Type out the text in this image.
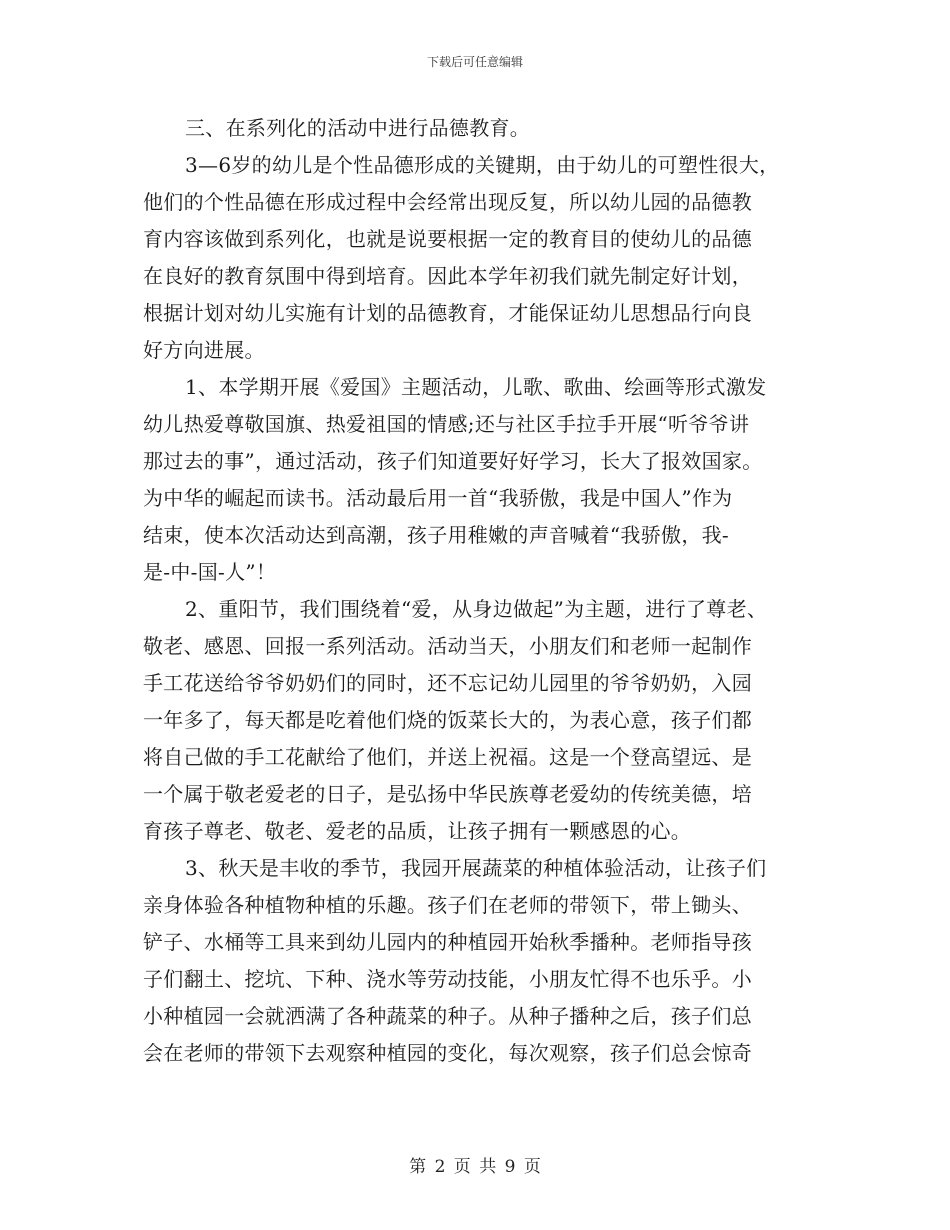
下载后可任意编辑
三、在系列化的活动中进行品德教育。
3—6岁的幼儿是个性品德形成的关键期，由于幼儿的可塑性很大，
他们的个性品德在形成过程中会经常出现反复，所以幼儿园的品德教
育内容该做到系列化，也就是说要根据一定的教育目的使幼儿的品德
在良好的教育氛围中得到培育。因此本学年初我们就先制定好计划，
根据计划对幼儿实施有计划的品德教育，才能保证幼儿思想品行向良
好方向进展。
1、本学期开展《爱国》主题活动，儿歌、歌曲、绘画等形式激发
幼儿热爱尊敬国旗、热爱祖国的情感;还与社区手拉手开展“听爷爷讲
那过去的事”，通过活动，孩子们知道要好好学习，长大了报效国家。
为中华的崛起而读书。活动最后用一首“我骄傲，我是中国人”作为
结束，使本次活动达到高潮，孩子用稚嫩的声音喊着“我骄傲，我-
是-中-国-人”！
2、重阳节，我们围绕着“爱，从身边做起”为主题，进行了尊老、
敬老、感恩、回报一系列活动。活动当天，小朋友们和老师一起制作
手工花送给爷爷奶奶们的同时，还不忘记幼儿园里的爷爷奶奶，入园
一年多了，每天都是吃着他们烧的饭菜长大的，为表心意，孩子们都
将自己做的手工花献给了他们，并送上祝福。这是一个登高望远、是
一个属于敬老爱老的日子，是弘扬中华民族尊老爱幼的传统美德，培
育孩子尊老、敬老、爱老的品质，让孩子拥有一颗感恩的心。
3、秋天是丰收的季节，我园开展蔬菜的种植体验活动，让孩子们
亲身体验各种植物种植的乐趣。孩子们在老师的带领下，带上锄头、
铲子、水桶等工具来到幼儿园内的种植园开始秋季播种。老师指导孩
子们翻土、挖坑、下种、浇水等劳动技能，小朋友忙得不也乐乎。小
小种植园一会就洒满了各种蔬菜的种子。从种子播种之后，孩子们总
会在老师的带领下去观察种植园的变化，每次观察，孩子们总会惊奇
第 2 页 共 9 页
